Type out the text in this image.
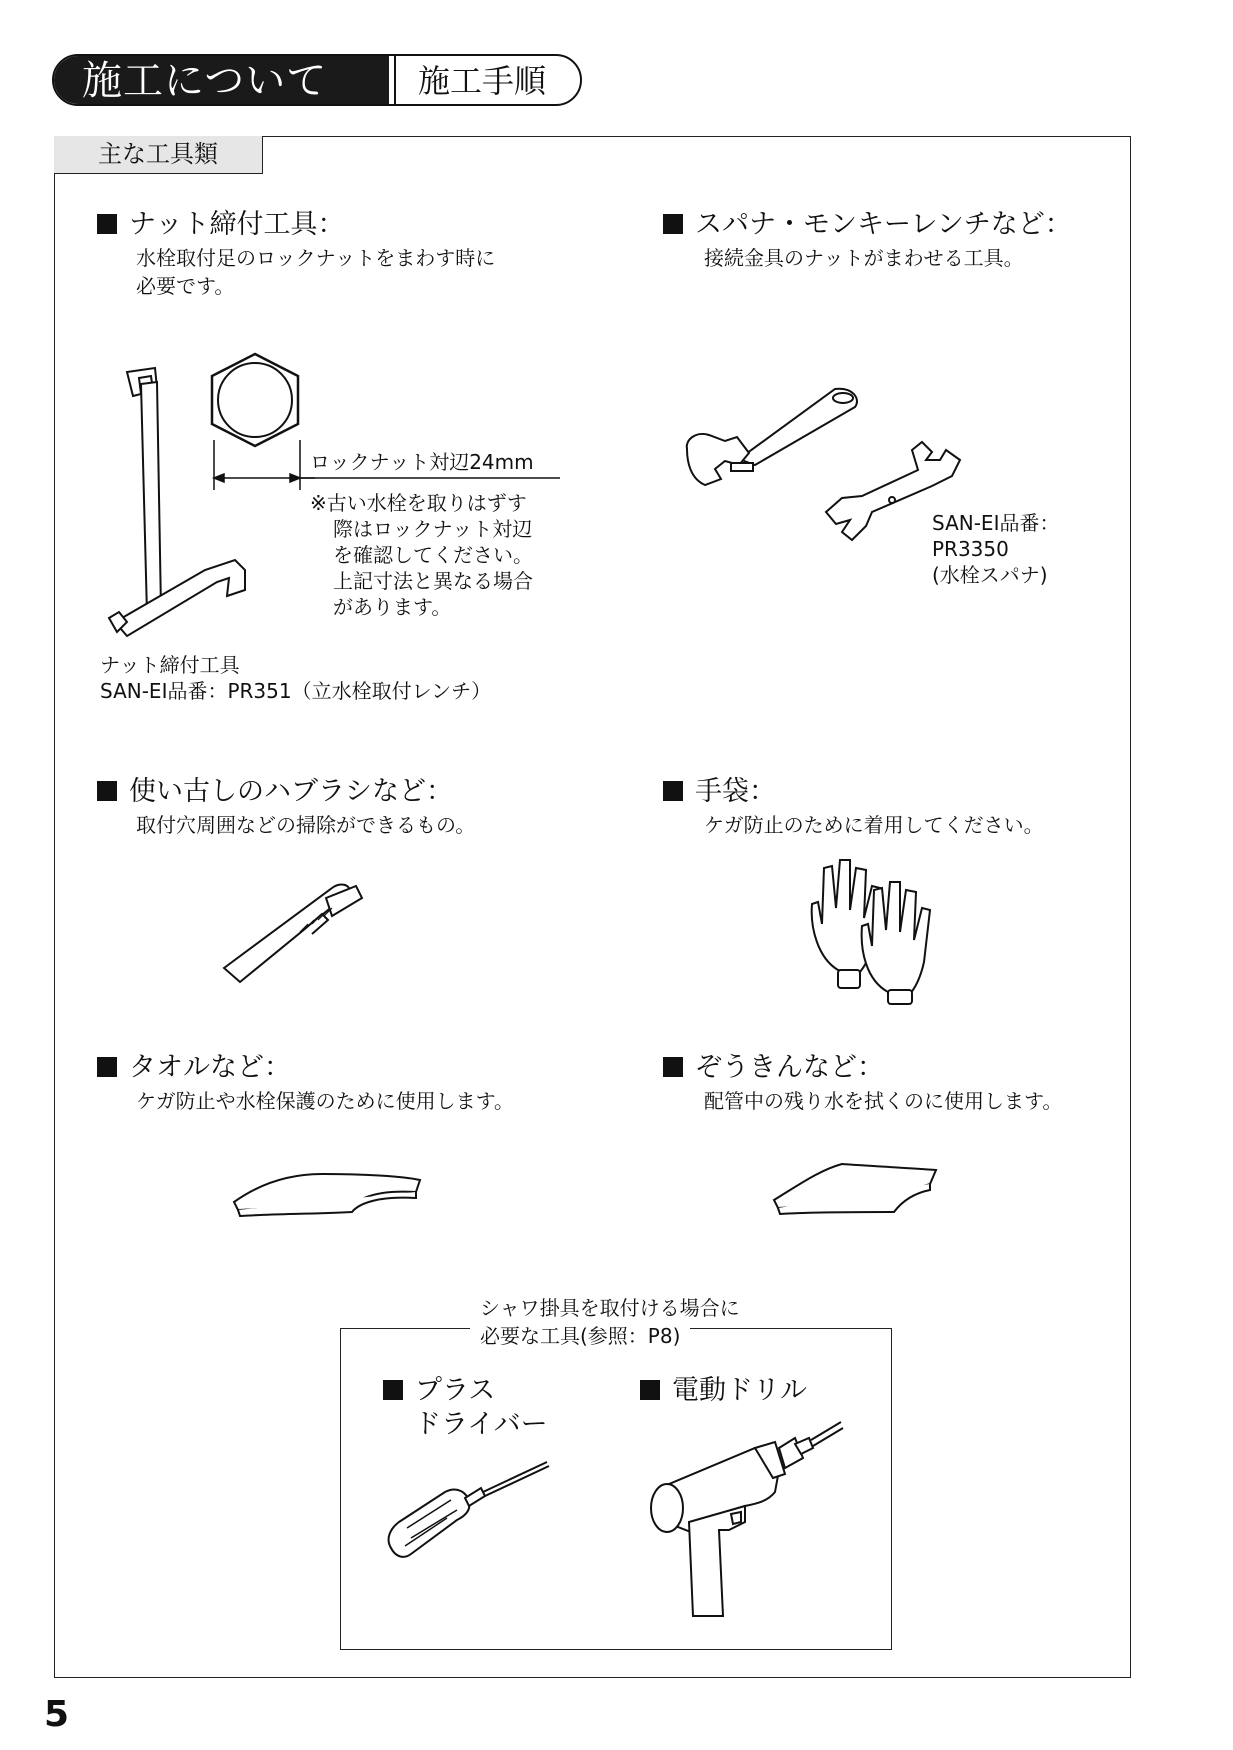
施工について	施工手順
主な工具類
ナット締付工具：
水栓取付足のロックナットをまわす時に
必要です。
ロックナット対辺24mm
※古い水栓を取りはずす
際はロックナット対辺
を確認してください。
上記寸法と異なる場合
があります。
ナット締付工具
SAN-EI品番：PR351（立水栓取付レンチ）
スパナ・モンキーレンチなど：
接続金具のナットがまわせる工具。
SAN-EI品番：
PR3350
(水栓スパナ)
使い古しのハブラシなど：
取付穴周囲などの掃除ができるもの。
手袋：
ケガ防止のために着用してください。
タオルなど：
ケガ防止や水栓保護のために使用します。
ぞうきんなど：
配管中の残り水を拭くのに使用します。
シャワ掛具を取付ける場合に
必要な工具(参照：P8)
プラス
ドライバー
電動ドリル
5
